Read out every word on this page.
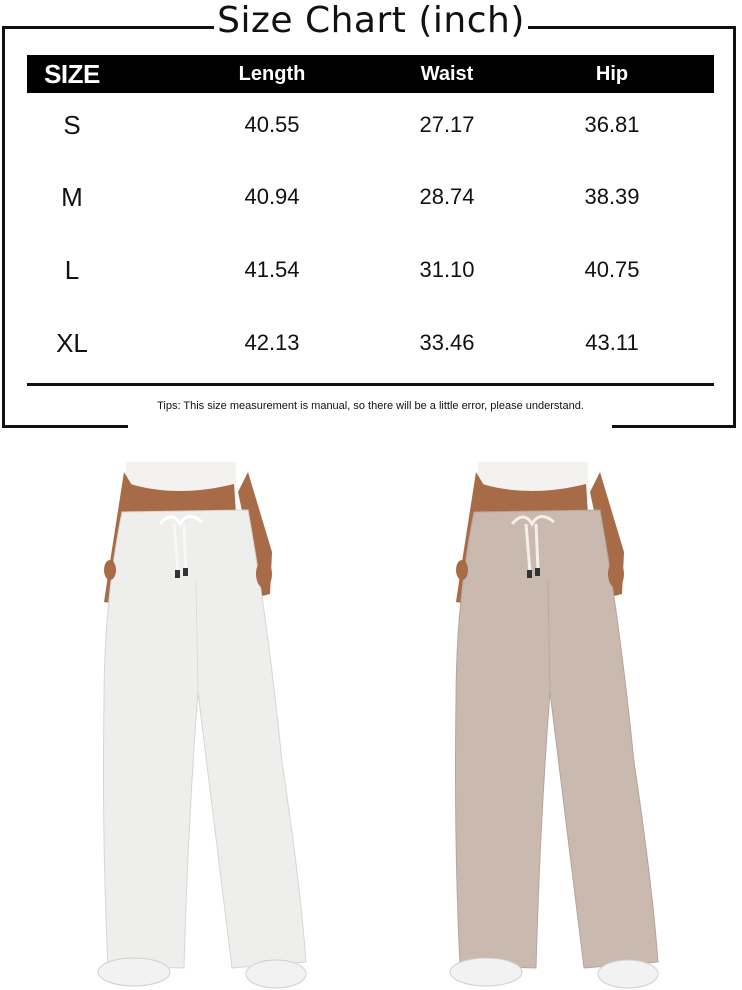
Size Chart (inch)
SIZE	Length	Waist	Hip
S	40.55	27.17	36.81
M	40.94	28.74	38.39
L	41.54	31.10	40.75
XL	42.13	33.46	43.11
Tips: This size measurement is manual, so there will be a little error, please understand.
